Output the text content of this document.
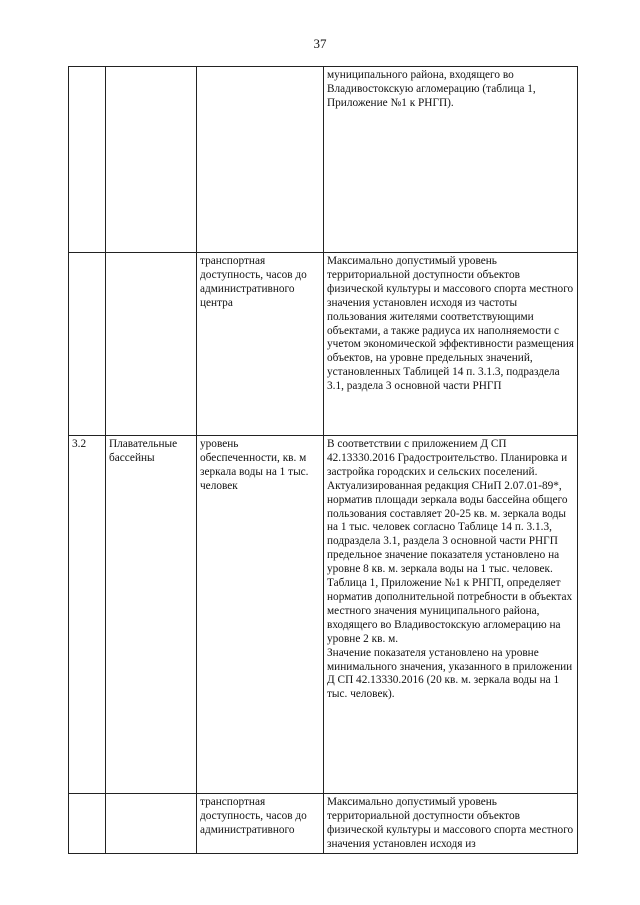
37

			муниципального района, входящего во Владивостокскую агломерацию (таблица 1, Приложение №1 к РНГП).

		транспортная доступность, часов до административного центра	Максимально допустимый уровень территориальной доступности объектов физической культуры и массового спорта местного значения установлен исходя из частоты пользования жителями соответствующими объектами, а также радиуса их наполняемости с учетом экономической эффективности размещения объектов, на уровне предельных значений, установленных Таблицей 14 п. 3.1.3, подраздела 3.1, раздела 3 основной части РНГП

3.2	Плавательные бассейны	уровень обеспеченности, кв. м зеркала воды на 1 тыс. человек	В соответствии с приложением Д СП 42.13330.2016 Градостроительство. Планировка и застройка городских и сельских поселений. Актуализированная редакция СНиП 2.07.01-89*, норматив площади зеркала воды бассейна общего пользования составляет 20-25 кв. м. зеркала воды на 1 тыс. человек согласно Таблице 14 п. 3.1.3, подраздела 3.1, раздела 3 основной части РНГП предельное значение показателя установлено на уровне 8 кв. м. зеркала воды на 1 тыс. человек. Таблица 1, Приложение №1 к РНГП, определяет норматив дополнительной потребности в объектах местного значения муниципального района, входящего во Владивостокскую агломерацию на уровне 2 кв. м.
Значение показателя установлено на уровне минимального значения, указанного в приложении Д СП 42.13330.2016 (20 кв. м. зеркала воды на 1 тыс. человек).

		транспортная доступность, часов до административного	Максимально допустимый уровень территориальной доступности объектов физической культуры и массового спорта местного значения установлен исходя из
